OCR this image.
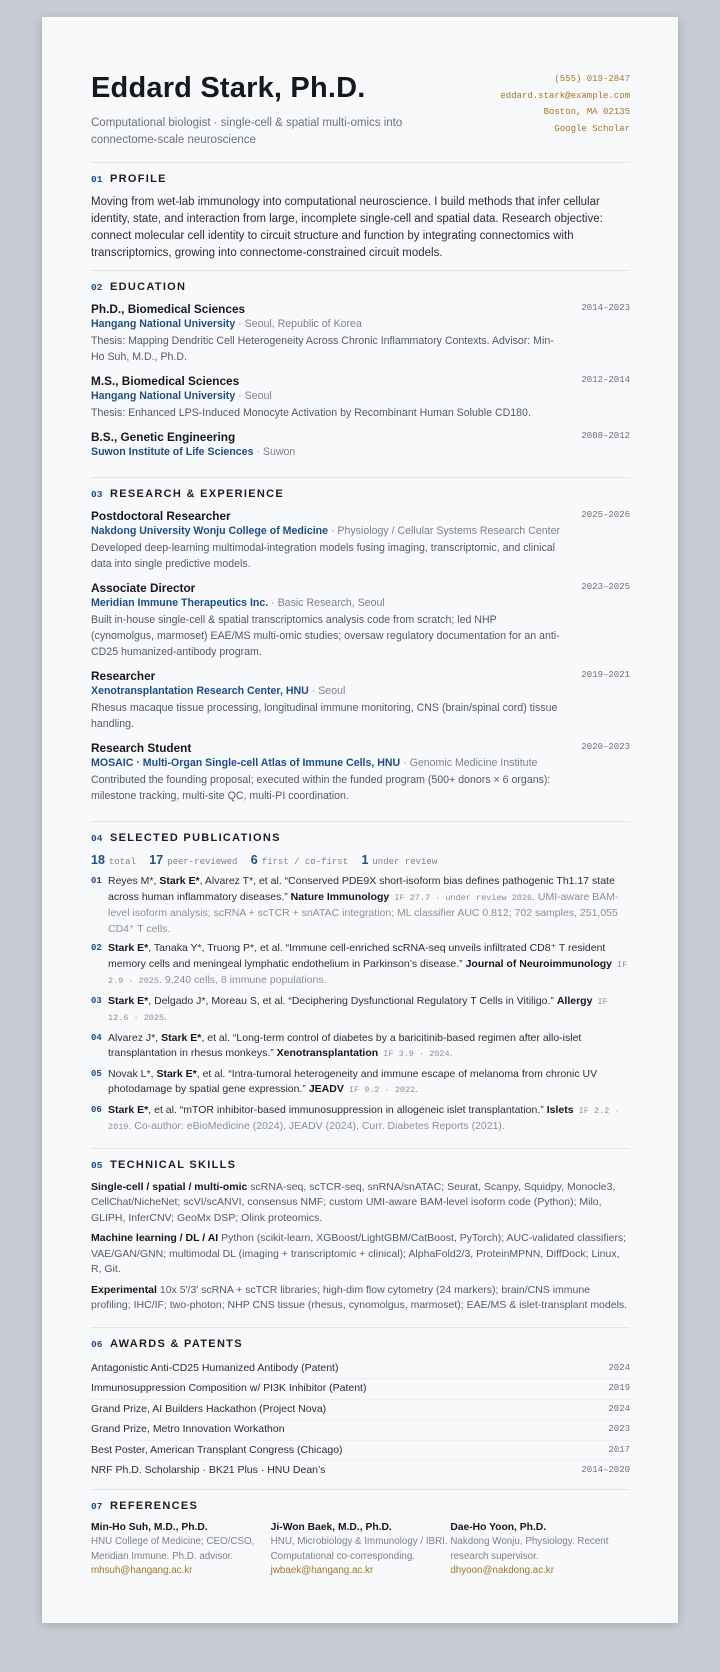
Eddard Stark, Ph.D.
Computational biologist · single-cell & spatial multi-omics into connectome-scale neuroscience
(555) 019-2847
eddard.stark@example.com
Boston, MA 02135
Google Scholar
01 PROFILE
Moving from wet-lab immunology into computational neuroscience. I build methods that infer cellular identity, state, and interaction from large, incomplete single-cell and spatial data. Research objective: connect molecular cell identity to circuit structure and function by integrating connectomics with transcriptomics, growing into connectome-constrained circuit models.
02 EDUCATION
Ph.D., Biomedical Sciences	2014–2023
Hangang National University · Seoul, Republic of Korea
Thesis: Mapping Dendritic Cell Heterogeneity Across Chronic Inflammatory Contexts. Advisor: Min-Ho Suh, M.D., Ph.D.
M.S., Biomedical Sciences	2012–2014
Hangang National University · Seoul
Thesis: Enhanced LPS-Induced Monocyte Activation by Recombinant Human Soluble CD180.
B.S., Genetic Engineering	2008–2012
Suwon Institute of Life Sciences · Suwon
03 RESEARCH & EXPERIENCE
Postdoctoral Researcher	2025–2026
Nakdong University Wonju College of Medicine · Physiology / Cellular Systems Research Center
Developed deep-learning multimodal-integration models fusing imaging, transcriptomic, and clinical data into single predictive models.
Associate Director	2023–2025
Meridian Immune Therapeutics Inc. · Basic Research, Seoul
Built in-house single-cell & spatial transcriptomics analysis code from scratch; led NHP (cynomolgus, marmoset) EAE/MS multi-omic studies; oversaw regulatory documentation for an anti-CD25 humanized-antibody program.
Researcher	2019–2021
Xenotransplantation Research Center, HNU · Seoul
Rhesus macaque tissue processing, longitudinal immune monitoring, CNS (brain/spinal cord) tissue handling.
Research Student	2020–2023
MOSAIC · Multi-Organ Single-cell Atlas of Immune Cells, HNU · Genomic Medicine Institute
Contributed the founding proposal; executed within the funded program (500+ donors × 6 organs): milestone tracking, multi-site QC, multi-PI coordination.
04 SELECTED PUBLICATIONS
18 total 17 peer-reviewed 6 first / co-first 1 under review
01 Reyes M*, Stark E*, Alvarez T*, et al. “Conserved PDE9X short-isoform bias defines pathogenic Th1.17 state across human inflammatory diseases.” Nature Immunology IF 27.7 · under review 2026. UMI-aware BAM-level isoform analysis; scRNA + scTCR + snATAC integration; ML classifier AUC 0.812; 702 samples, 251,055 CD4⁺ T cells.
02 Stark E*, Tanaka Y*, Truong P*, et al. “Immune cell-enriched scRNA-seq unveils infiltrated CD8⁺ T resident memory cells and meningeal lymphatic endothelium in Parkinson’s disease.” Journal of Neuroimmunology IF 2.9 · 2025. 9,240 cells, 8 immune populations.
03 Stark E*, Delgado J*, Moreau S, et al. “Deciphering Dysfunctional Regulatory T Cells in Vitiligo.” Allergy IF 12.6 · 2025.
04 Alvarez J*, Stark E*, et al. “Long-term control of diabetes by a baricitinib-based regimen after allo-islet transplantation in rhesus monkeys.” Xenotransplantation IF 3.9 · 2024.
05 Novak L*, Stark E*, et al. “Intra-tumoral heterogeneity and immune escape of melanoma from chronic UV photodamage by spatial gene expression.” JEADV IF 9.2 · 2022.
06 Stark E*, et al. “mTOR inhibitor-based immunosuppression in allogeneic islet transplantation.” Islets IF 2.2 · 2019. Co-author: eBioMedicine (2024), JEADV (2024), Curr. Diabetes Reports (2021).
05 TECHNICAL SKILLS
Single-cell / spatial / multi-omic scRNA-seq, scTCR-seq, snRNA/snATAC; Seurat, Scanpy, Squidpy, Monocle3, CellChat/NicheNet; scVI/scANVI, consensus NMF; custom UMI-aware BAM-level isoform code (Python); Milo, GLIPH, InferCNV; GeoMx DSP; Olink proteomics.
Machine learning / DL / AI Python (scikit-learn, XGBoost/LightGBM/CatBoost, PyTorch); AUC-validated classifiers; VAE/GAN/GNN; multimodal DL (imaging + transcriptomic + clinical); AlphaFold2/3, ProteinMPNN, DiffDock; Linux, R, Git.
Experimental 10x 5′/3′ scRNA + scTCR libraries; high-dim flow cytometry (24 markers); brain/CNS immune profiling; IHC/IF; two-photon; NHP CNS tissue (rhesus, cynomolgus, marmoset); EAE/MS & islet-transplant models.
06 AWARDS & PATENTS
Antagonistic Anti-CD25 Humanized Antibody (Patent)	2024
Immunosuppression Composition w/ PI3K Inhibitor (Patent)	2019
Grand Prize, AI Builders Hackathon (Project Nova)	2024
Grand Prize, Metro Innovation Workathon	2023
Best Poster, American Transplant Congress (Chicago)	2017
NRF Ph.D. Scholarship · BK21 Plus · HNU Dean’s	2014–2020
07 REFERENCES
Min-Ho Suh, M.D., Ph.D.
HNU College of Medicine; CEO/CSO, Meridian Immune. Ph.D. advisor.
mhsuh@hangang.ac.kr
Ji-Won Baek, M.D., Ph.D.
HNU, Microbiology & Immunology / IBRI. Computational co-corresponding.
jwbaek@hangang.ac.kr
Dae-Ho Yoon, Ph.D.
Nakdong Wonju, Physiology. Recent research supervisor.
dhyoon@nakdong.ac.kr
